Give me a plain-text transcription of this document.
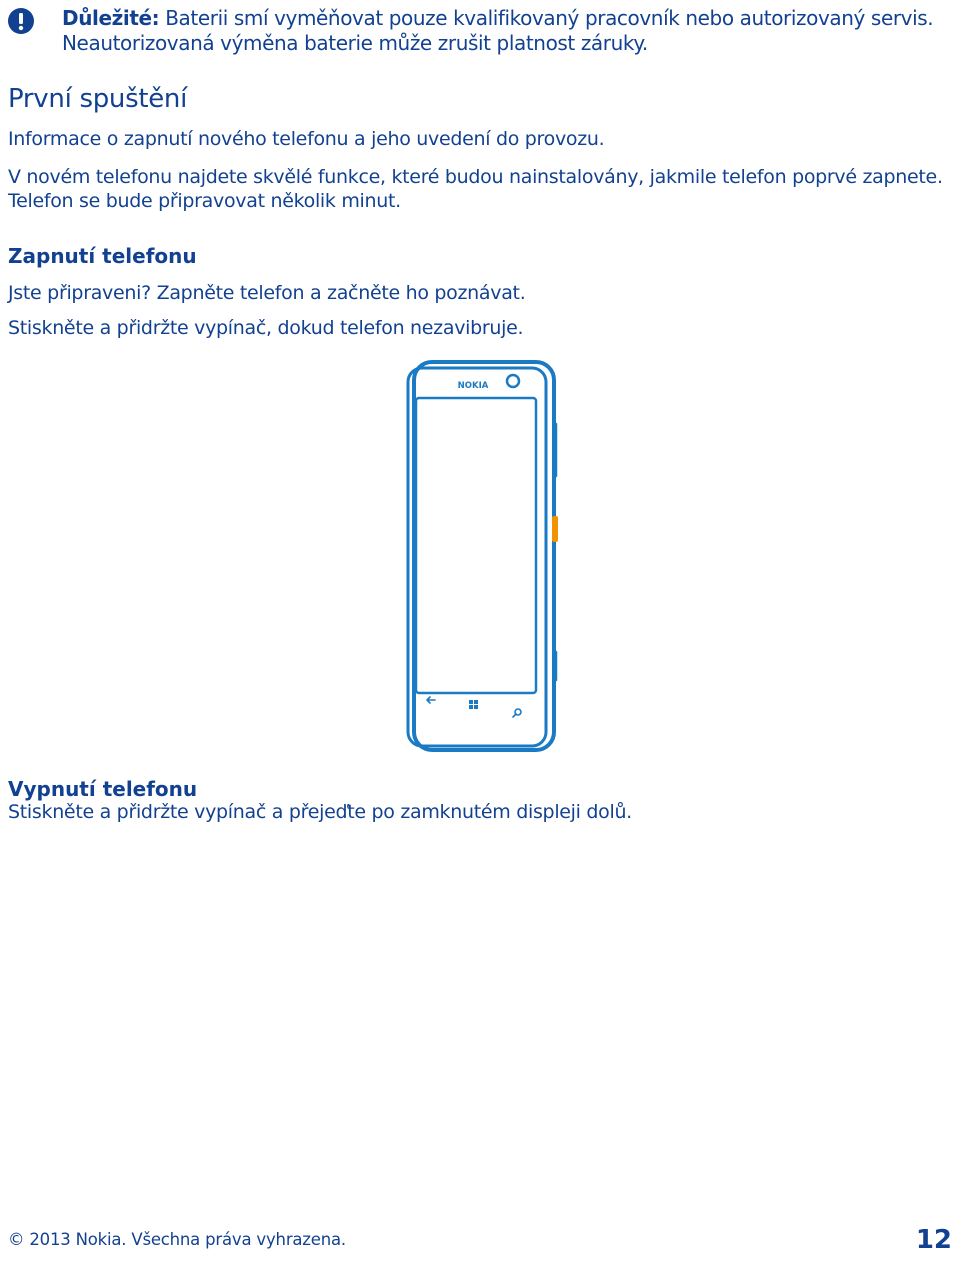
Důležité: Baterii smí vyměňovat pouze kvalifikovaný pracovník nebo autorizovaný servis.
Neautorizovaná výměna baterie může zrušit platnost záruky.
První spuštění
Informace o zapnutí nového telefonu a jeho uvedení do provozu.
V novém telefonu najdete skvělé funkce, které budou nainstalovány, jakmile telefon poprvé zapnete.
Telefon se bude připravovat několik minut.
Zapnutí telefonu
Jste připraveni? Zapněte telefon a začněte ho poznávat.
Stiskněte a přidržte vypínač, dokud telefon nezavibruje.
NOKIA
Vypnutí telefonu
Stiskněte a přidržte vypínač a přejeďte po zamknutém displeji dolů.
© 2013 Nokia. Všechna práva vyhrazena.	12
